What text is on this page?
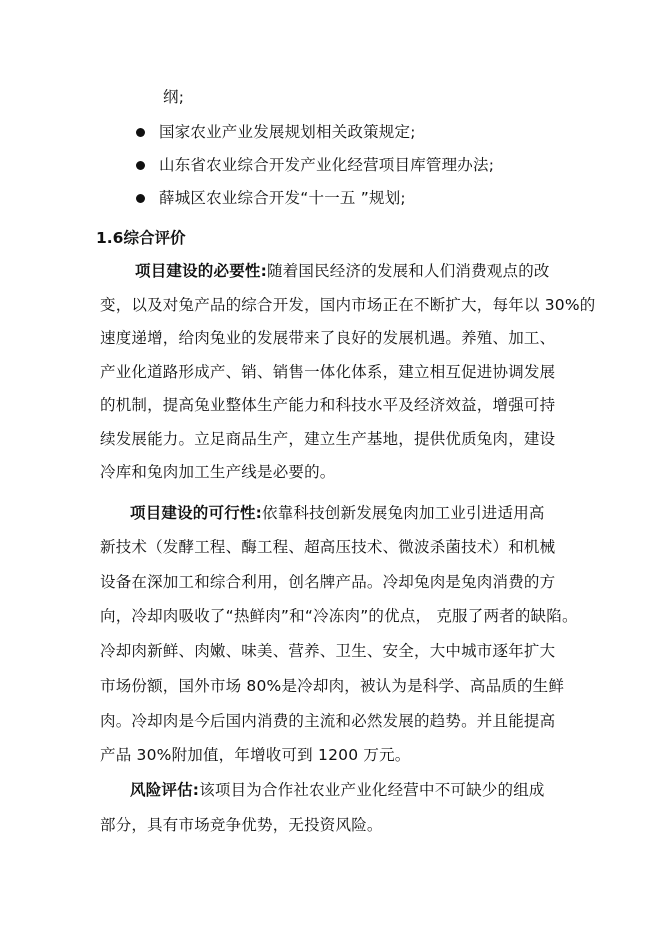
纲;
国家农业产业发展规划相关政策规定;
山东省农业综合开发产业化经营项目库管理办法;
薛城区农业综合开发“十一五 ”规划;
1.6综合评价
项目建设的必要性:随着国民经济的发展和人们消费观点的改
变，以及对兔产品的综合开发，国内市场正在不断扩大，每年以 30%的
速度递增，给肉兔业的发展带来了良好的发展机遇。养殖、加工、
产业化道路形成产、销、销售一体化体系，建立相互促进协调发展
的机制，提高兔业整体生产能力和科技水平及经济效益，增强可持
续发展能力。立足商品生产，建立生产基地，提供优质兔肉，建设
冷库和兔肉加工生产线是必要的。
项目建设的可行性:依靠科技创新发展兔肉加工业引进适用高
新技术（发酵工程、酶工程、超高压技术、微波杀菌技术）和机械
设备在深加工和综合利用，创名牌产品。冷却兔肉是兔肉消费的方
向，冷却肉吸收了“热鲜肉”和“冷冻肉”的优点， 克服了两者的缺陷。
冷却肉新鲜、肉嫩、味美、营养、卫生、安全，大中城市逐年扩大
市场份额，国外市场 80%是冷却肉，被认为是科学、高品质的生鲜
肉。冷却肉是今后国内消费的主流和必然发展的趋势。并且能提高
产品 30%附加值，年增收可到 1200 万元。
风险评估:该项目为合作社农业产业化经营中不可缺少的组成
部分，具有市场竞争优势，无投资风险。
